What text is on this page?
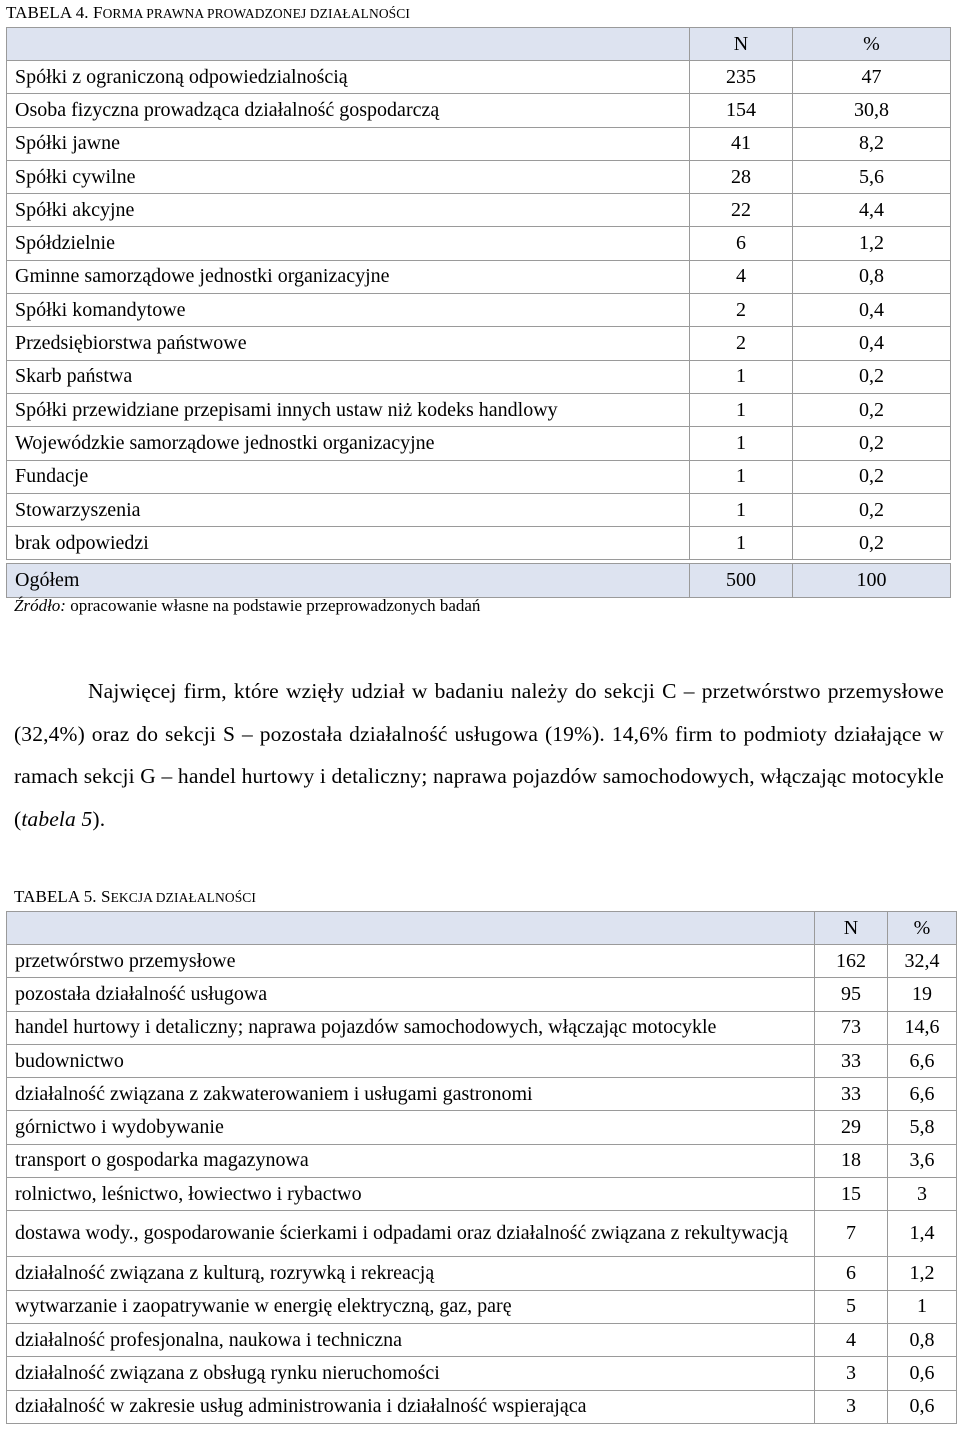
TABELA 4. FORMA PRAWNA PROWADZONEJ DZIAŁALNOŚCI
	N	%
Spółki z ograniczoną odpowiedzialnością	235	47
Osoba fizyczna prowadząca działalność gospodarczą	154	30,8
Spółki jawne	41	8,2
Spółki cywilne	28	5,6
Spółki akcyjne	22	4,4
Spółdzielnie	6	1,2
Gminne samorządowe jednostki organizacyjne	4	0,8
Spółki komandytowe	2	0,4
Przedsiębiorstwa państwowe	2	0,4
Skarb państwa	1	0,2
Spółki przewidziane przepisami innych ustaw niż kodeks handlowy	1	0,2
Wojewódzkie samorządowe jednostki organizacyjne	1	0,2
Fundacje	1	0,2
Stowarzyszenia	1	0,2
brak odpowiedzi	1	0,2

Ogółem	500	100
Źródło: opracowanie własne na podstawie przeprowadzonych badań
Najwięcej firm, które wzięły udział w badaniu należy do sekcji C – przetwórstwo przemysłowe (32,4%) oraz do sekcji S – pozostała działalność usługowa (19%). 14,6% firm to podmioty działające w ramach sekcji G – handel hurtowy i detaliczny; naprawa pojazdów samochodowych, włączając motocykle (tabela 5).
TABELA 5. SEKCJA DZIAŁALNOŚCI
	N	%
przetwórstwo przemysłowe	162	32,4
pozostała działalność usługowa	95	19
handel hurtowy i detaliczny; naprawa pojazdów samochodowych, włączając motocykle	73	14,6
budownictwo	33	6,6
działalność związana z zakwaterowaniem i usługami gastronomi	33	6,6
górnictwo i wydobywanie	29	5,8
transport o gospodarka magazynowa	18	3,6
rolnictwo, leśnictwo, łowiectwo i rybactwo	15	3
dostawa wody., gospodarowanie ścierkami i odpadami oraz działalność związana z rekultywacją	7	1,4
działalność związana z kulturą, rozrywką i rekreacją	6	1,2
wytwarzanie i zaopatrywanie w energię elektryczną, gaz, parę	5	1
działalność profesjonalna, naukowa i techniczna	4	0,8
działalność związana z obsługą rynku nieruchomości	3	0,6
działalność w zakresie usług administrowania i działalność wspierająca	3	0,6
